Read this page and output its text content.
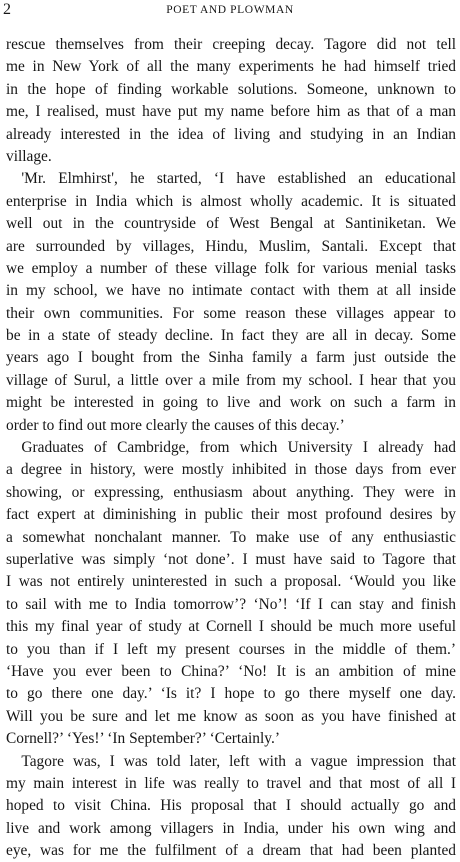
2	POET AND PLOWMAN
rescue themselves from their creeping decay. Tagore did not tell
me in New York of all the many experiments he had himself tried
in the hope of finding workable solutions. Someone, unknown to
me, I realised, must have put my name before him as that of a man
already interested in the idea of living and studying in an Indian
village.
 'Mr. Elmhirst', he started, ‘I have established an educational
enterprise in India which is almost wholly academic. It is situated
well out in the countryside of West Bengal at Santiniketan. We
are surrounded by villages, Hindu, Muslim, Santali. Except that
we employ a number of these village folk for various menial tasks
in my school, we have no intimate contact with them at all inside
their own communities. For some reason these villages appear to
be in a state of steady decline. In fact they are all in decay. Some
years ago I bought from the Sinha family a farm just outside the
village of Surul, a little over a mile from my school. I hear that you
might be interested in going to live and work on such a farm in
order to find out more clearly the causes of this decay.’
 Graduates of Cambridge, from which University I already had
a degree in history, were mostly inhibited in those days from ever
showing, or expressing, enthusiasm about anything. They were in
fact expert at diminishing in public their most profound desires by
a somewhat nonchalant manner. To make use of any enthusiastic
superlative was simply ‘not done’. I must have said to Tagore that
I was not entirely uninterested in such a proposal. ‘Would you like
to sail with me to India tomorrow’? ‘No’! ‘If I can stay and finish
this my final year of study at Cornell I should be much more useful
to you than if I left my present courses in the middle of them.’
‘Have you ever been to China?’ ‘No! It is an ambition of mine
to go there one day.’ ‘Is it? I hope to go there myself one day.
Will you be sure and let me know as soon as you have finished at
Cornell?’ ‘Yes!’ ‘In September?’ ‘Certainly.’
 Tagore was, I was told later, left with a vague impression that
my main interest in life was really to travel and that most of all I
hoped to visit China. His proposal that I should actually go and
live and work among villagers in India, under his own wing and
eye, was for me the fulfilment of a dream that had been planted
